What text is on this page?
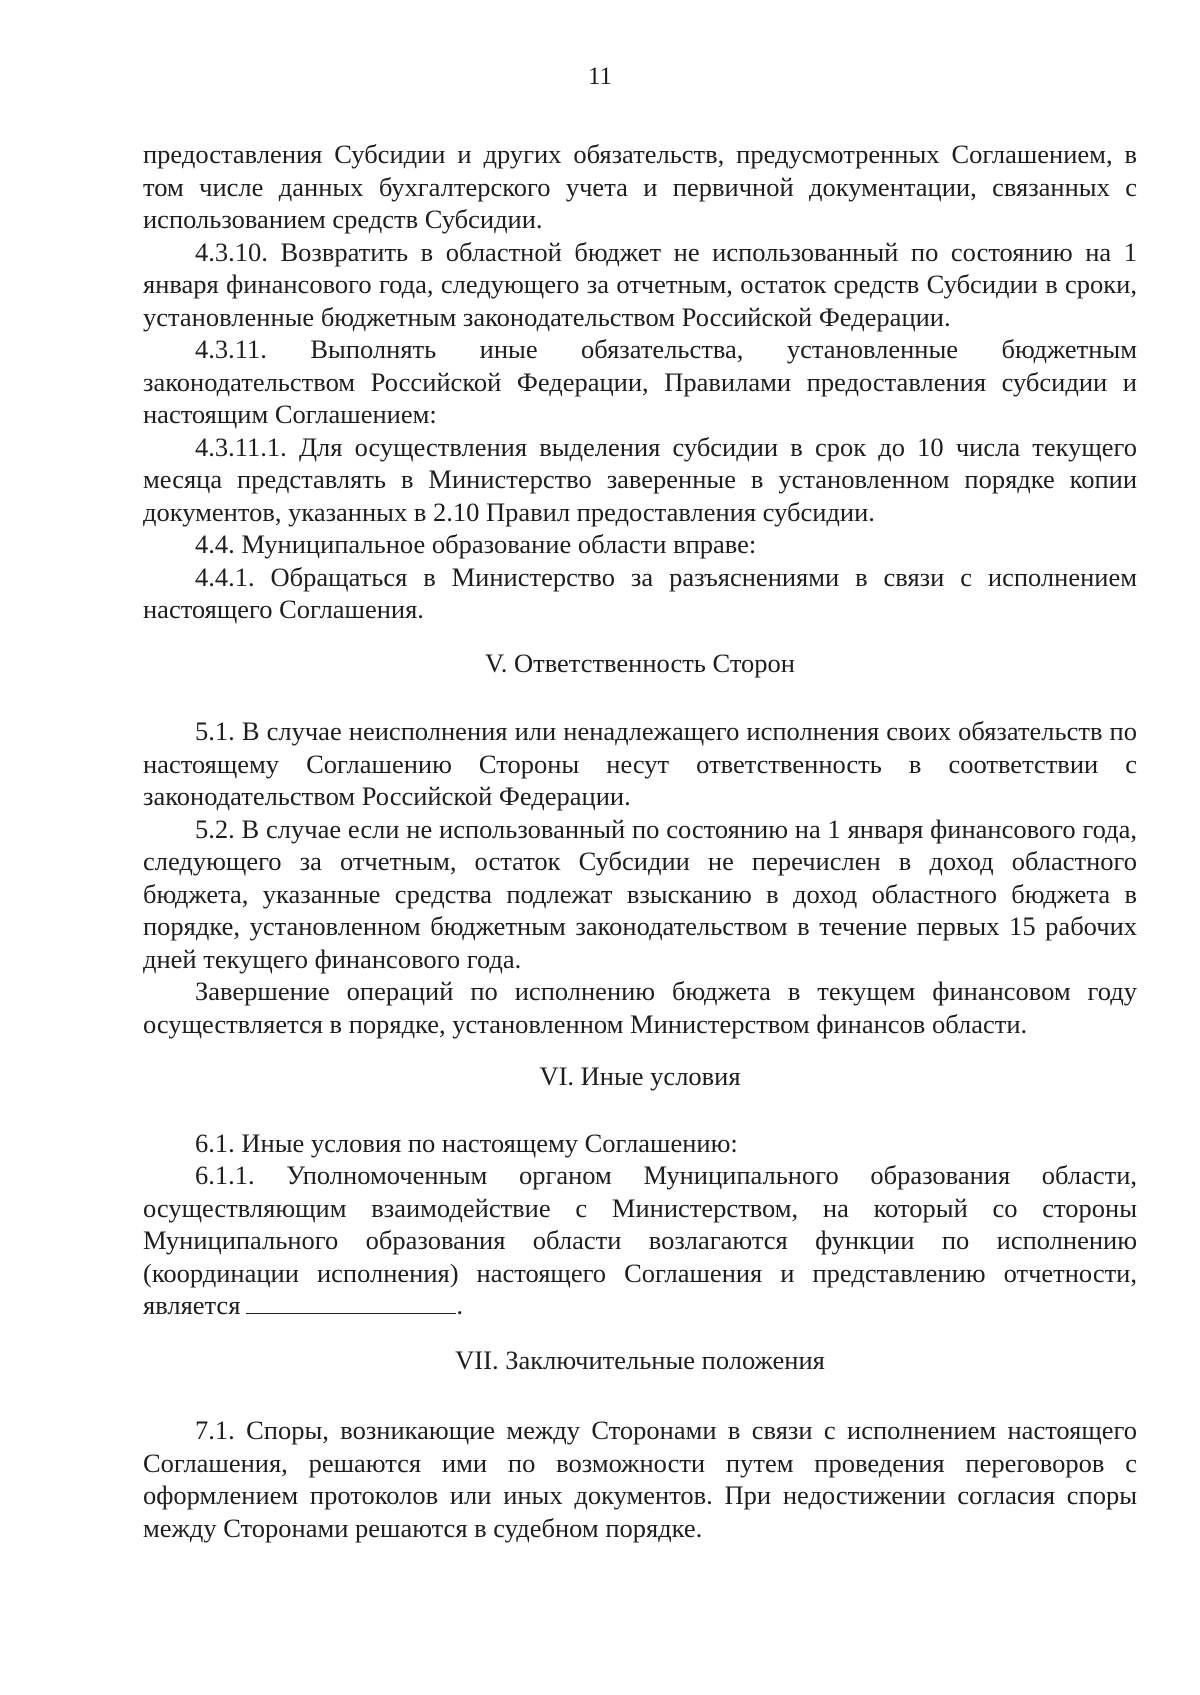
11

предоставления Субсидии и других обязательств, предусмотренных Соглашением, в том числе данных бухгалтерского учета и первичной документации, связанных с использованием средств Субсидии.

4.3.10. Возвратить в областной бюджет не использованный по состоянию на 1 января финансового года, следующего за отчетным, остаток средств Субсидии в сроки, установленные бюджетным законодательством Российской Федерации.

4.3.11. Выполнять иные обязательства, установленные бюджетным законодательством Российской Федерации, Правилами предоставления субсидии и настоящим Соглашением:

4.3.11.1. Для осуществления выделения субсидии в срок до 10 числа текущего месяца представлять в Министерство заверенные в установленном порядке копии документов, указанных в 2.10 Правил предоставления субсидии.

4.4. Муниципальное образование области вправе:

4.4.1. Обращаться в Министерство за разъяснениями в связи с исполнением настоящего Соглашения.

V. Ответственность Сторон

5.1. В случае неисполнения или ненадлежащего исполнения своих обязательств по настоящему Соглашению Стороны несут ответственность в соответствии с законодательством Российской Федерации.

5.2. В случае если не использованный по состоянию на 1 января финансового года, следующего за отчетным, остаток Субсидии не перечислен в доход областного бюджета, указанные средства подлежат взысканию в доход областного бюджета в порядке, установленном бюджетным законодательством в течение первых 15 рабочих дней текущего финансового года.

Завершение операций по исполнению бюджета в текущем финансовом году осуществляется в порядке, установленном Министерством финансов области.

VI. Иные условия

6.1. Иные условия по настоящему Соглашению:

6.1.1. Уполномоченным органом Муниципального образования области, осуществляющим взаимодействие с Министерством, на который со стороны Муниципального образования области возлагаются функции по исполнению (координации исполнения) настоящего Соглашения и представлению отчетности, является	.

VII. Заключительные положения

7.1. Споры, возникающие между Сторонами в связи с исполнением настоящего Соглашения, решаются ими по возможности путем проведения переговоров с оформлением протоколов или иных документов. При недостижении согласия споры между Сторонами решаются в судебном порядке.
